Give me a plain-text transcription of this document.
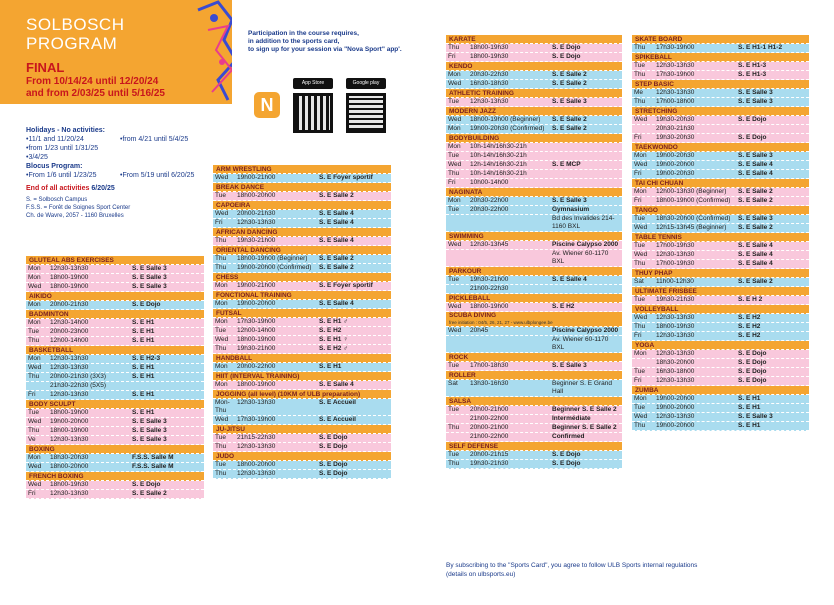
SOLBOSCH
PROGRAM
FINAL
From 10/14/24 until 12/20/24
and from 2/03/25 until 5/16/25
Participation in the course requires,
in addition to the sports card,
to sign up for your session via "Nova Sport" app'.
N
App Store	Google play
Holidays - No activities:
•11/1 and 11/20/24	•from 4/21 until 5/4/25
•from 1/23 until 1/31/25
•3/4/25
Blocus Program:
•From 1/6 until 1/23/25	•From 5/19 until 6/20/25
End of all activities 6/20/25
S. = Solbosch Campus
F.S.S. = Forêt de Soignes Sport Center
Ch. de Wavre, 2057 - 1160 Bruxelles
GLUTEAL ABS EXERCISES
Mon	12h30-13h30	S. E Salle 3
Mon	18h00-19h00	S. E Salle 3
Wed	18h00-19h00	S. E Salle 3
AIKIDO
Mon	20h00-21h30	S. E Dojo
BADMINTON
Mon	12h30-14h00	S. E H1
Tue	20h00-23h00	S. E H1
Thu	12h00-14h00	S. E H1
BASKETBALL
Mon	12h30-13h30	S. E H2-3
Wed	12h30-13h30	S. E H1
Thu	20h00-21h30 (3X3)	S. E H1
21h30-22h30 (5X5)
Fri	12h30-13h30	S. E H1
BODY SCULPT
Tue	18h00-19h00	S. E H1
Wed	19h00-20h00	S. E Salle 3
Thu	18h00-19h00	S. E Salle 3
Ve	12h30-13h30	S. E Salle 3
BOXING
Mon	18h30-20h30	F.S.S. Salle M
Wed	18h00-20h00	F.S.S. Salle M
FRENCH BOXING
Wed	18h00-19h30	S. E Dojo
Fri	12h30-13h30	S. E Salle 2
ARM WRESTLING
Wed	19h00-21h00	S. E Foyer sportif
BREAK DANCE
Tue	18h00-20h00	S. E Salle 2
CAPOEIRA
Wed	20h00-21h30	S. E Salle 4
Fri	12h30-13h30	S. E Salle 4
AFRICAN DANCING
Thu	19h30-21h00	S. E Salle 4
ORIENTAL DANCING
Thu	18h00-19h00 (Beginner)	S. E Salle 2
Thu	19h00-20h00 (Confirmed)	S. E Salle 2
CHESS
Mon	19h00-21h00	S. E Foyer sportif
FONCTIONAL TRAINING
Mon	19h00-20h00	S. E Salle 4
FUTSAL
Mon	17h30-19h00	S. E H1 ♂
Tue	12h00-14h00	S. E H2
Wed	18h00-19h00	S. E H1 ♀
Thu	19h30-21h00	S. E H2 ♂
HANDBALL
Mon	20h00-22h00	S. E H1
HIIT (INTERVAL TRAINING)
Mon	18h00-19h00	S. E Salle 4
JOGGING (all level) (10KM of ULB preparation)
Mon-Thu
12h30-13h30	S. E Accueil
Wed	17h30-19h00	S. E Accueil
JU-JITSU
Tue	21h15-22h30	S. E Dojo
Thu	12h30-13h30	S. E Dojo
JUDO
Tue	18h00-20h00	S. E Dojo
Thu	12h30-13h30	S. E Dojo
KARATE
Thu	18h00-19h30	S. E Dojo
Fri	18h00-19h30	S. E Dojo
KENDO
Mon	20h30-22h30	S. E Salle 2
Wed	16h30-18h30	S. E Salle 2
ATHLETIC TRAINING
Tue	12h30-13h30	S. E Salle 3
MODERN JAZZ
Wed	18h00-19h00 (Beginner)	S. E Salle 2
Mon	19h00-20h30 (Confirmed)	S. E Salle 2
BODYBUILDING
Mon	10h-14h/16h30-21h
Tue	10h-14h/16h30-21h
Wed	12h-14h/16h30-21h	S. E MCP
Thu	10h-14h/16h30-21h
Fri	10h00-14h00
NAGINATA
Mon	20h30-22h00	S. E Salle 3
Tue	20h30-22h00	Gymnasium
Bd des Invalides 214-1160 BXL
SWIMMING
Wed	12h30-13h45	Piscine Calypso 2000
Av. Wiener 60-1170 BXL
PARKOUR
Tue	19h30-21h00	S. E Salle 4
21h00-22h30
PICKLEBALL
Wed	18h00-19h00	S. E H2
SCUBA DIVING
free initiation : 04/5, 26, 21, 27 - www.ulbplongee.be
Wed	20h45	Piscine Calypso 2000
Av. Wiener 60-1170 BXL
ROCK
Tue	17h00-18h30	S. E Salle 3
ROLLER
Sat	13h30-16h30	Beginner S. E Grand Hall
SALSA
Tue	20h00-21h00	Beginner S. E Salle 2
21h00-22h00	Intermédiate
Thu	20h00-21h00	Beginner S. E Salle 2
21h00-22h00	Confirmed
SELF DEFENSE
Tue	20h00-21h15	S. E Dojo
Thu	19h30-21h30	S. E Dojo
SKATE BOARD
Thu	17h30-19h00	S. E H1-1 H1-2
SPIKEBALL
Tue	12h30-13h30	S. E H1-3
Thu	17h30-19h00	S. E H1-3
STEP BASIC
Me	12h30-13h30	S. E Salle 3
Thu	17h00-18h00	S. E Salle 3
STRETCHING
Wed	19h30-20h30	S. E Dojo
20h30-21h30
Fri	19h30-20h30	S. E Dojo
TAEKWONDO
Mon	19h00-20h30	S. E Salle 3
Wed	19h00-20h00	S. E Salle 4
Fri	19h00-20h30	S. E Salle 4
TAI CHI CHUAN
Mon	12h00-13h30 (Beginner)	S. E Salle 2
Fri	18h00-19h00 (Confirmed)	S. E Salle 2
TANGO
Tue	18h30-20h00 (Confirmed)	S. E Salle 3
Wed	12h15-13h45 (Beginner)	S. E Salle 2
TABLE TENNIS
Tue	17h00-19h30	S. E Salle 4
Wed	12h30-13h30	S. E Salle 4
Thu	17h00-19h30	S. E Salle 4
THUY PHAP
Sat	11h00-12h30	S. E Salle 2
ULTIMATE FRISBEE
Tue	19h30-21h30	S. E H 2
VOLLEYBALL
Wed	12h30-13h30	S. E H2
Thu	18h00-19h30	S. E H2
Fri	12h30-13h30	S. E H2
YOGA
Mon	12h30-13h30	S. E Dojo
18h30-20h00	S. E Dojo
Tue	16h30-18h00	S. E Dojo
Fri	12h30-13h30	S. E Dojo
ZUMBA
Mon	19h00-20h00	S. E H1
Tue	19h00-20h00	S. E H1
Wed	12h30-13h30	S. E Salle 3
Thu	19h00-20h00	S. E H1
By subscribing to the "Sports Card", you agree to follow ULB Sports internal regulations
(details on ulbsports.eu)
